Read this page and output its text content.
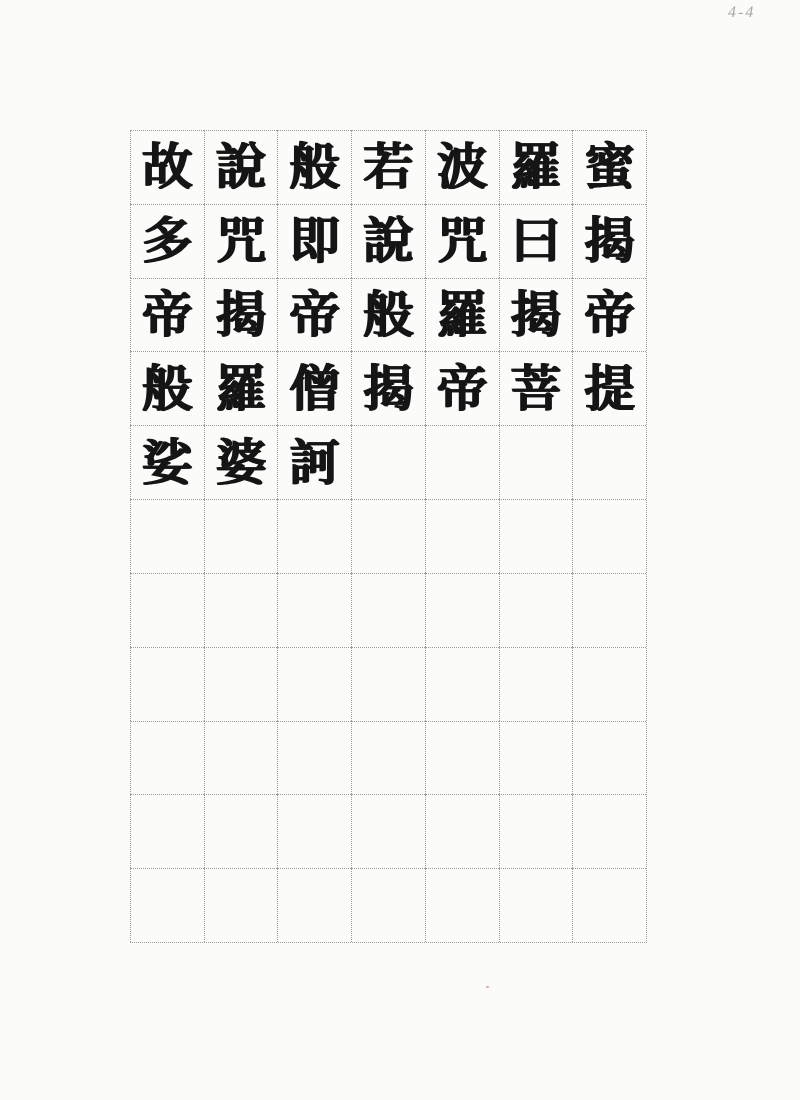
4-4
故 說 般 若 波 羅 蜜
多 咒 即 說 咒 曰 揭
帝 揭 帝 般 羅 揭 帝
般 羅 僧 揭 帝 菩 提
娑 婆 訶
